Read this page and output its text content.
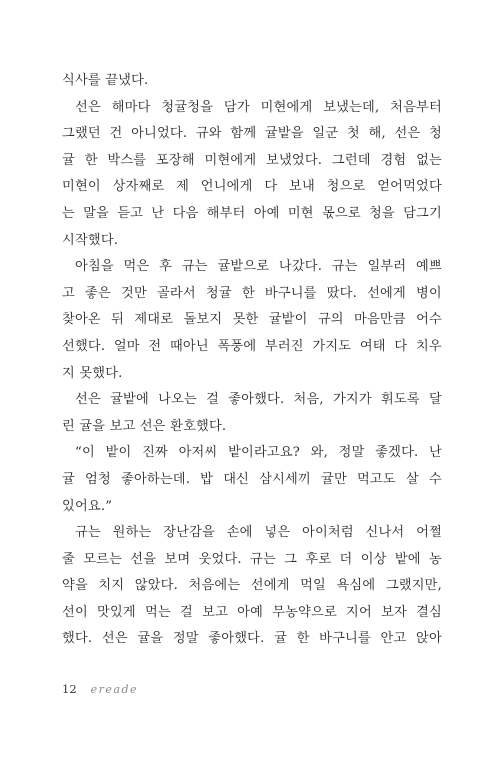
식사를 끝냈다.
선은 해마다 청귤청을 담가 미현에게 보냈는데, 처음부터
그랬던 건 아니었다. 규와 함께 귤밭을 일군 첫 해, 선은 청
귤 한 박스를 포장해 미현에게 보냈었다. 그런데 경험 없는
미현이 상자째로 제 언니에게 다 보내 청으로 얻어먹었다
는 말을 듣고 난 다음 해부터 아예 미현 몫으로 청을 담그기
시작했다.
아침을 먹은 후 규는 귤밭으로 나갔다. 규는 일부러 예쁘
고 좋은 것만 골라서 청귤 한 바구니를 땄다. 선에게 병이
찾아온 뒤 제대로 돌보지 못한 귤밭이 규의 마음만큼 어수
선했다. 얼마 전 때아닌 폭풍에 부러진 가지도 여태 다 치우
지 못했다.
선은 귤밭에 나오는 걸 좋아했다. 처음, 가지가 휘도록 달
린 귤을 보고 선은 환호했다.
“이 밭이 진짜 아저씨 밭이라고요? 와, 정말 좋겠다. 난
귤 엄청 좋아하는데. 밥 대신 삼시세끼 귤만 먹고도 살 수
있어요.”
규는 원하는 장난감을 손에 넣은 아이처럼 신나서 어쩔
줄 모르는 선을 보며 웃었다. 규는 그 후로 더 이상 밭에 농
약을 치지 않았다. 처음에는 선에게 먹일 욕심에 그랬지만,
선이 맛있게 먹는 걸 보고 아예 무농약으로 지어 보자 결심
했다. 선은 귤을 정말 좋아했다. 귤 한 바구니를 안고 앉아
12 ereade
